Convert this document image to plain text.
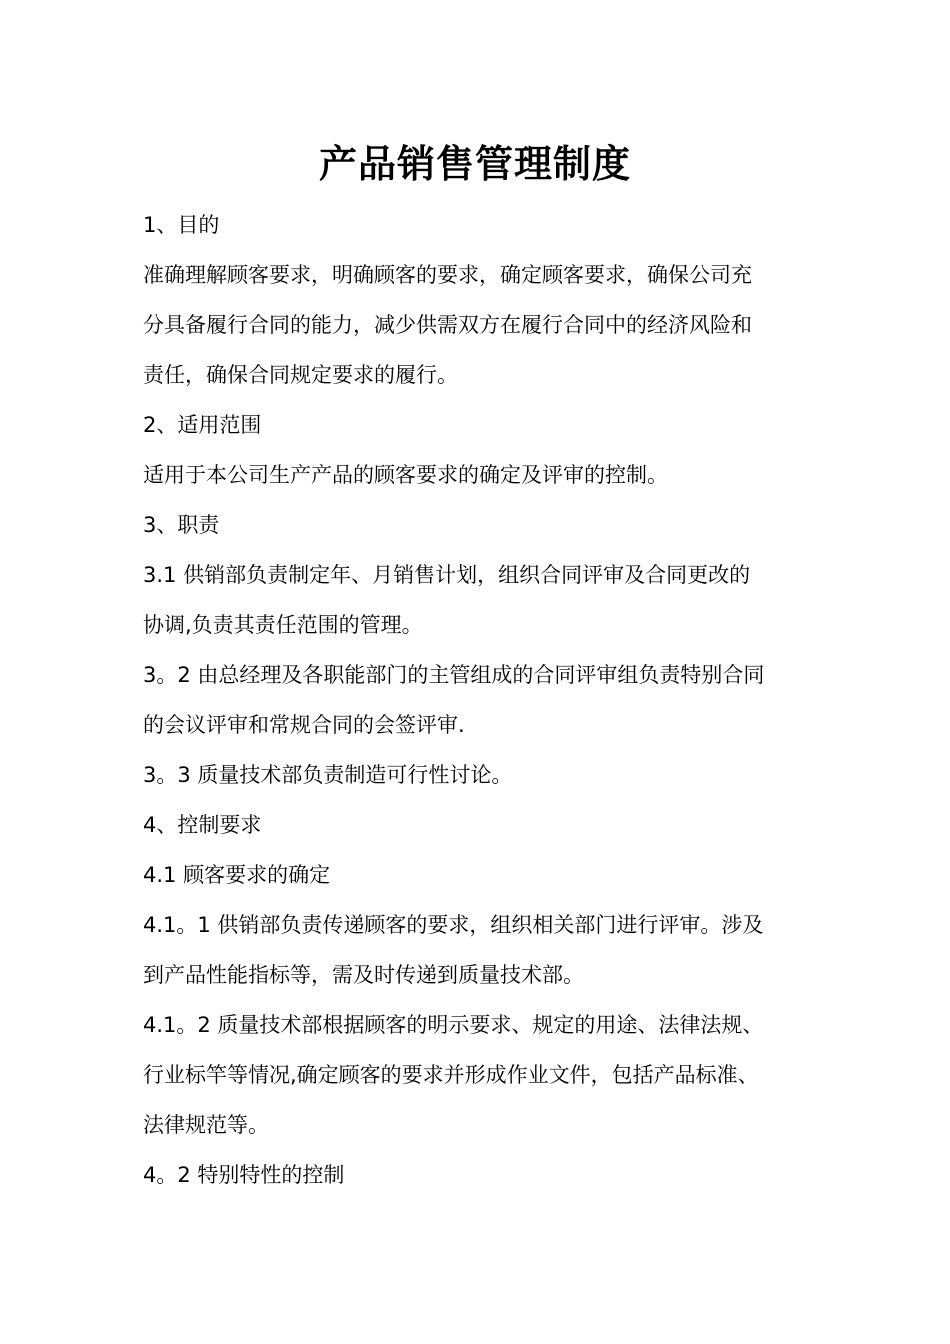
产品销售管理制度

1、目的

准确理解顾客要求，明确顾客的要求，确定顾客要求，确保公司充

分具备履行合同的能力，减少供需双方在履行合同中的经济风险和

责任，确保合同规定要求的履行。

2、适用范围

适用于本公司生产产品的顾客要求的确定及评审的控制。

3、职责

3.1 供销部负责制定年、月销售计划，组织合同评审及合同更改的

协调,负责其责任范围的管理。

3。2 由总经理及各职能部门的主管组成的合同评审组负责特别合同

的会议评审和常规合同的会签评审.

3。3 质量技术部负责制造可行性讨论。

4、控制要求

4.1 顾客要求的确定

4.1。1 供销部负责传递顾客的要求，组织相关部门进行评审。涉及

到产品性能指标等，需及时传递到质量技术部。

4.1。2 质量技术部根据顾客的明示要求、规定的用途、法律法规、

行业标竿等情况,确定顾客的要求并形成作业文件，包括产品标准、

法律规范等。

4。2 特别特性的控制
